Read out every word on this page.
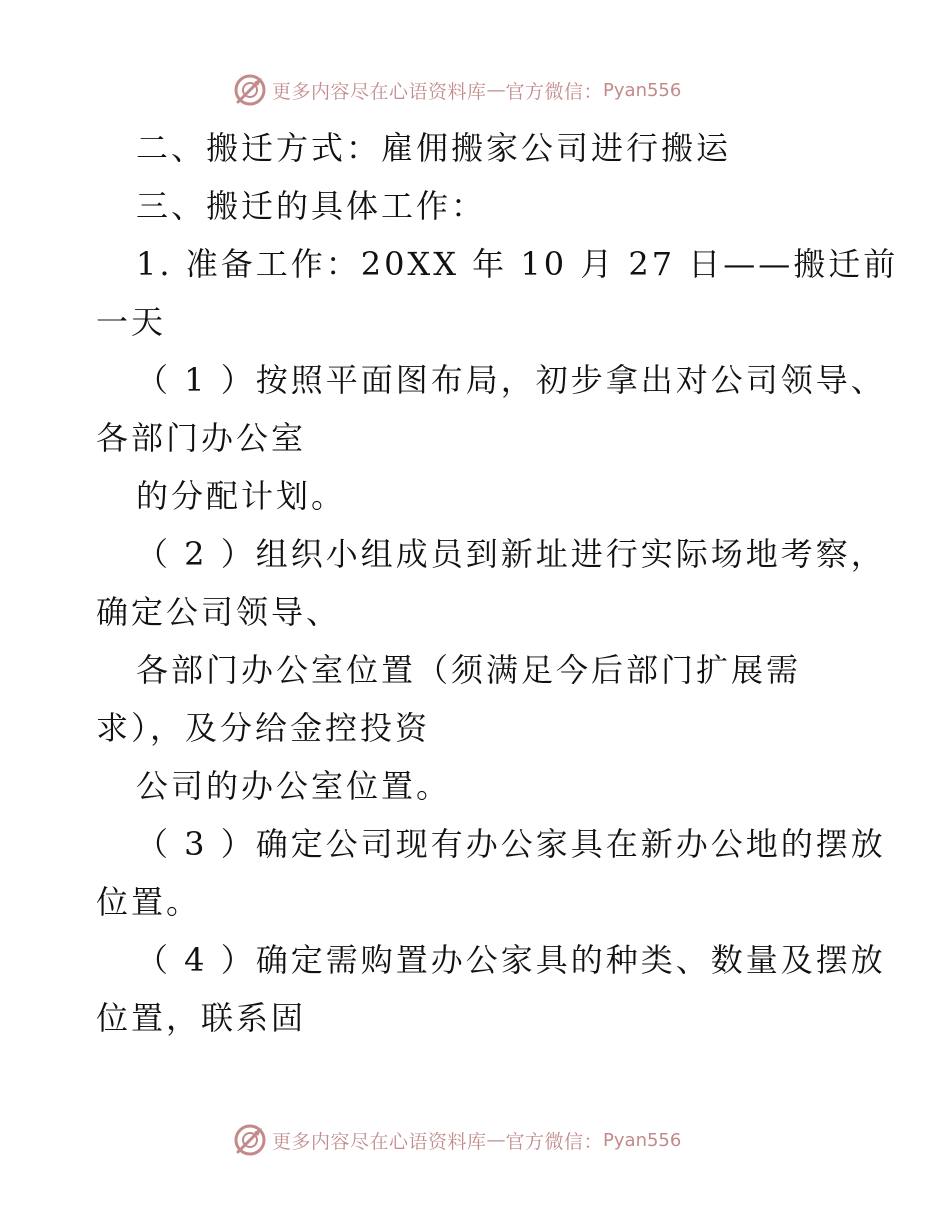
更多内容尽在心语资料库 — 官方微信： Pyan556
二、搬迁方式：雇佣搬家公司进行搬运
三、搬迁的具体工作：
1. 准备工作：20XX 年 10 月 27 日——搬迁前
一天
（ 1 ）按照平面图布局，初步拿出对公司领导、
各部门办公室
的分配计划。
（ 2 ）组织小组成员到新址进行实际场地考察，
确定公司领导、
各部门办公室位置（须满足今后部门扩展需
求），及分给金控投资
公司的办公室位置。
（ 3 ）确定公司现有办公家具在新办公地的摆放
位置。
（ 4 ）确定需购置办公家具的种类、数量及摆放
位置，联系固
更多内容尽在心语资料库 — 官方微信： Pyan556
